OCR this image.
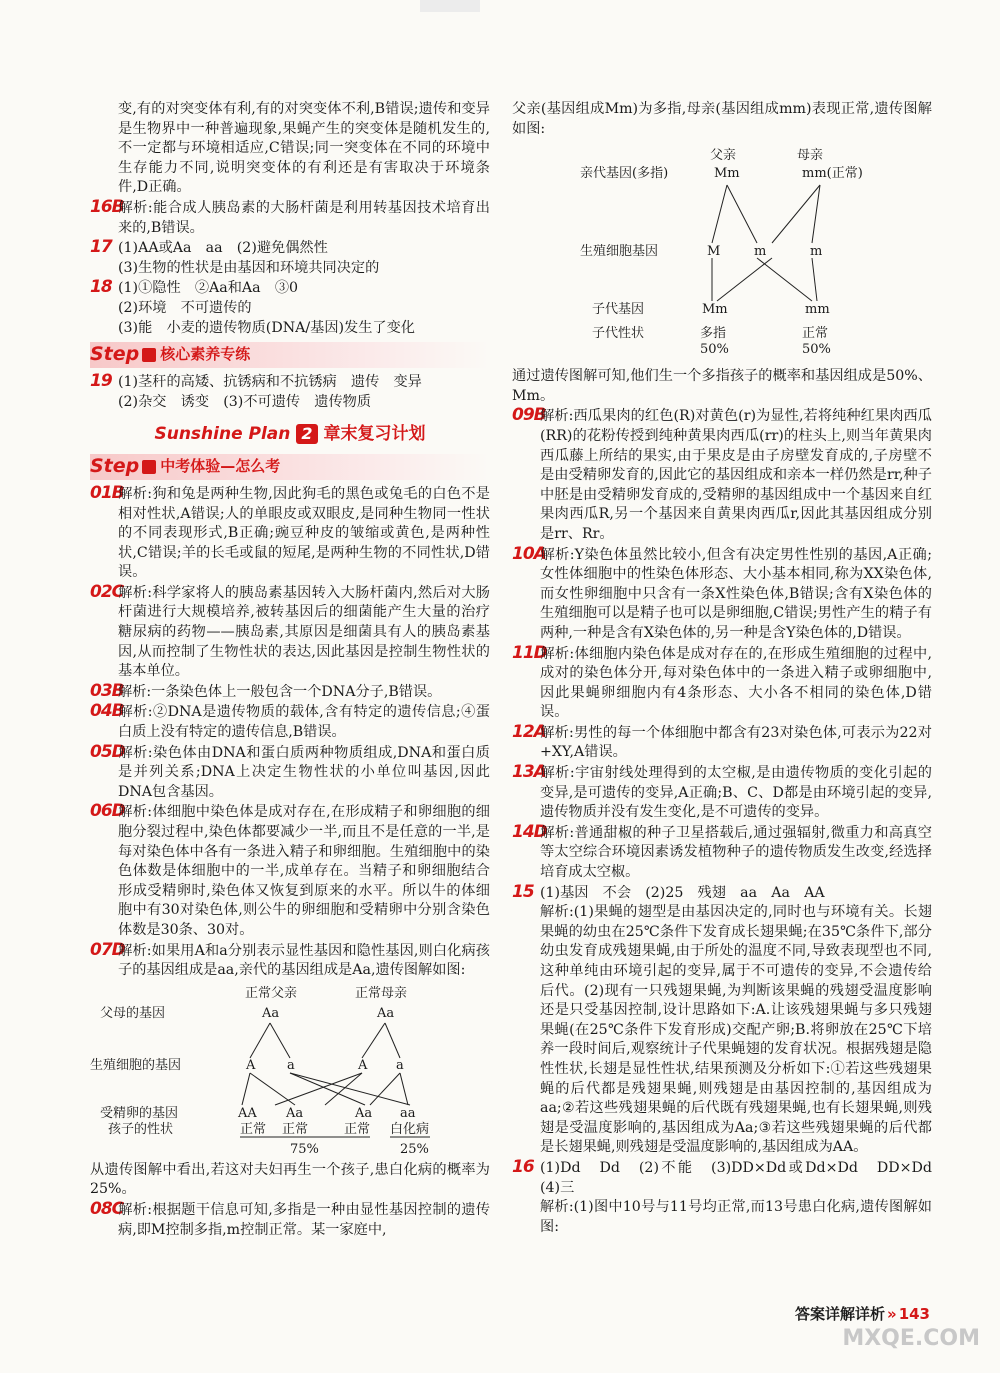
变,有的对突变体有利,有的对突变体不利,B错误;遗传和变异是生物界中一种普遍现象,果蝇产生的突变体是随机发生的,不一定都与环境相适应,C错误;同一突变体在不同的环境中生存能力不同,说明突变体的有利还是有害取决于环境条件,D正确。

16B解析:能合成人胰岛素的大肠杆菌是利用转基因技术培育出来的,B错误。

17 (1)AA或Aa　aa　(2)避免偶然性

(3)生物的性状是由基因和环境共同决定的

18 (1)①隐性　②Aa和Aa　③0

(2)环境　不可遗传的

(3)能　小麦的遗传物质(DNA/基因)发生了变化

Step 核心素养专练

19 (1)茎秆的高矮、抗锈病和不抗锈病　遗传　变异

(2)杂交　诱变　(3)不可遗传　遗传物质

Sunshine Plan 2 章末复习计划
Step 中考体验—怎么考

01B解析:狗和兔是两种生物,因此狗毛的黑色或兔毛的白色不是相对性状,A错误;人的单眼皮或双眼皮,是同种生物同一性状的不同表现形式,B正确;豌豆种皮的皱缩或黄色,是两种性状,C错误;羊的长毛或鼠的短尾,是两种生物的不同性状,D错误。

02C解析:科学家将人的胰岛素基因转入大肠杆菌内,然后对大肠杆菌进行大规模培养,被转基因后的细菌能产生大量的治疗糖尿病的药物——胰岛素,其原因是细菌具有人的胰岛素基因,从而控制了生物性状的表达,因此基因是控制生物性状的基本单位。

03B解析:一条染色体上一般包含一个DNA分子,B错误。

04B解析:②DNA是遗传物质的载体,含有特定的遗传信息;④蛋白质上没有特定的遗传信息,B错误。

05D解析:染色体由DNA和蛋白质两种物质组成,DNA和蛋白质是并列关系;DNA上决定生物性状的小单位叫基因,因此DNA包含基因。

06D解析:体细胞中染色体是成对存在,在形成精子和卵细胞的细胞分裂过程中,染色体都要减少一半,而且不是任意的一半,是每对染色体中各有一条进入精子和卵细胞。生殖细胞中的染色体数是体细胞中的一半,成单存在。当精子和卵细胞结合形成受精卵时,染色体又恢复到原来的水平。所以牛的体细胞中有30对染色体,则公牛的卵细胞和受精卵中分别含染色体数是30条、30对。

07D解析:如果用A和a分别表示显性基因和隐性基因,则白化病孩子的基因组成是aa,亲代的基因组成是Aa,遗传图解如图:

正常父亲	正常母亲
父母的基因	Aa	Aa
生殖细胞的基因	A a	A a
受精卵的基因	AA Aa	Aa aa
孩子的性状	正常 正常	正常 白化病
75%	25%

从遗传图解中看出,若这对夫妇再生一个孩子,患白化病的概率为25%。

08C解析:根据题干信息可知,多指是一种由显性基因控制的遗传病,即M控制多指,m控制正常。某一家庭中,

父亲(基因组成Mm)为多指,母亲(基因组成mm)表现正常,遗传图解如图:

父亲	母亲
亲代基因(多指)	Mm	mm(正常)
生殖细胞基因	M	m	m
子代基因	Mm	mm
子代性状	多指	正常
50%	50%

通过遗传图解可知,他们生一个多指孩子的概率和基因组成是50%、Mm。

09B解析:西瓜果肉的红色(R)对黄色(r)为显性,若将纯种红果肉西瓜(RR)的花粉传授到纯种黄果肉西瓜(rr)的柱头上,则当年黄果肉西瓜藤上所结的果实,由于果皮是由子房壁发育成的,子房壁不是由受精卵发育的,因此它的基因组成和亲本一样仍然是rr,种子中胚是由受精卵发育成的,受精卵的基因组成中一个基因来自红果肉西瓜R,另一个基因来自黄果肉西瓜r,因此其基因组成分别是rr、Rr。

10A解析:Y染色体虽然比较小,但含有决定男性性别的基因,A正确;女性体细胞中的性染色体形态、大小基本相同,称为XX染色体,而女性卵细胞中只含有一条X性染色体,B错误;含有X染色体的生殖细胞可以是精子也可以是卵细胞,C错误;男性产生的精子有两种,一种是含有X染色体的,另一种是含Y染色体的,D错误。

11D解析:体细胞内染色体是成对存在的,在形成生殖细胞的过程中,成对的染色体分开,每对染色体中的一条进入精子或卵细胞中,因此果蝇卵细胞内有4条形态、大小各不相同的染色体,D错误。

12A解析:男性的每一个体细胞中都含有23对染色体,可表示为22对+XY,A错误。

13A解析:宇宙射线处理得到的太空椒,是由遗传物质的变化引起的变异,是可遗传的变异,A正确;B、C、D都是由环境引起的变异,遗传物质并没有发生变化,是不可遗传的变异。

14D解析:普通甜椒的种子卫星搭载后,通过强辐射,微重力和高真空等太空综合环境因素诱发植物种子的遗传物质发生改变,经选择培育成太空椒。

15 (1)基因　不会　(2)25　残翅　aa　Aa　AA

解析:(1)果蝇的翅型是由基因决定的,同时也与环境有关。长翅果蝇的幼虫在25℃条件下发育成长翅果蝇;在35℃条件下,部分幼虫发育成残翅果蝇,由于所处的温度不同,导致表现型也不同,这种单纯由环境引起的变异,属于不可遗传的变异,不会遗传给后代。(2)现有一只残翅果蝇,为判断该果蝇的残翅受温度影响还是只受基因控制,设计思路如下:A.让该残翅果蝇与多只残翅果蝇(在25℃条件下发育形成)交配产卵;B.将卵放在25℃下培养一段时间后,观察统计子代果蝇翅的发育状况。根据残翅是隐性性状,长翅是显性性状,结果预测及分析如下:①若这些残翅果蝇的后代都是残翅果蝇,则残翅是由基因控制的,基因组成为aa;②若这些残翅果蝇的后代既有残翅果蝇,也有长翅果蝇,则残翅是受温度影响的,基因组成为Aa;③若这些残翅果蝇的后代都是长翅果蝇,则残翅是受温度影响的,基因组成为AA。

16 (1)Dd　Dd　(2)不能　(3)DD×Dd或Dd×Dd　DD×Dd　(4)三

解析:(1)图中10号与11号均正常,而13号患白化病,遗传图解如图:

答案详解详析 » 143
MXQE.COM
